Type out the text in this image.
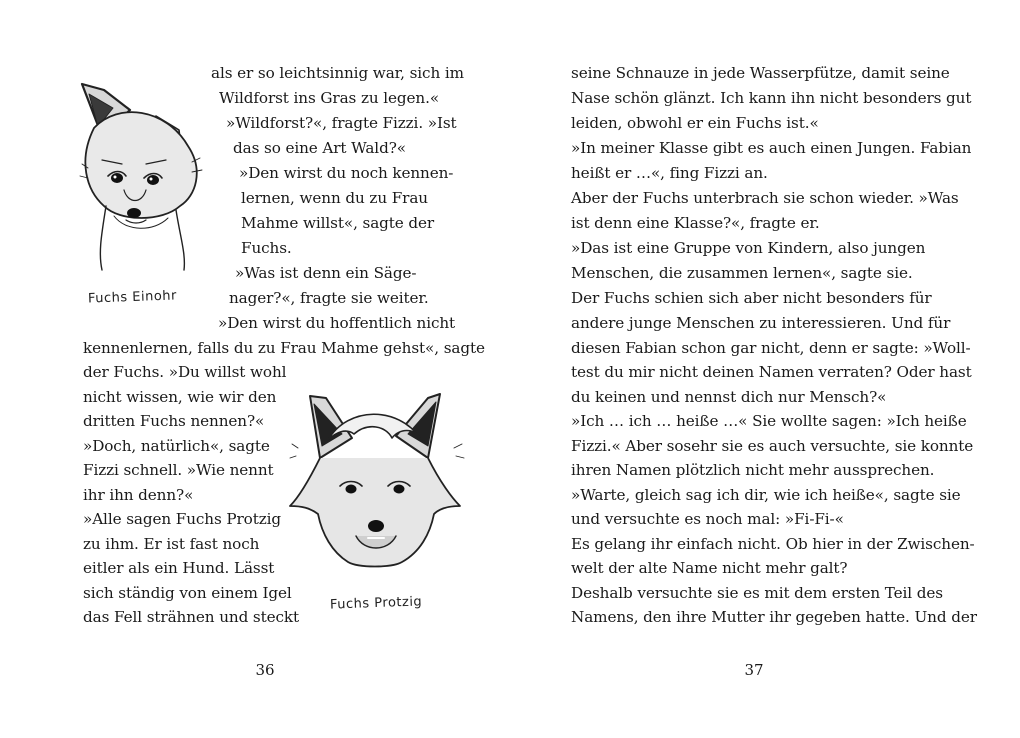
als er so leichtsinnig war, sich im
Wildforst ins Gras zu legen.«
»Wildforst?«, fragte Fizzi. »Ist
das so eine Art Wald?«
»Den wirst du noch kennen-
lernen, wenn du zu Frau
Mahme willst«, sagte der
Fuchs.
»Was ist denn ein Säge-
nager?«, fragte sie weiter.
»Den wirst du hoffentlich nicht
kennenlernen, falls du zu Frau Mahme gehst«, sagte
der Fuchs. »Du willst wohl
nicht wissen, wie wir den
dritten Fuchs nennen?«
»Doch, natürlich«, sagte
Fizzi schnell. »Wie nennt
ihr ihn denn?«
»Alle sagen Fuchs Protzig
zu ihm. Er ist fast noch
eitler als ein Hund. Lässt
sich ständig von einem Igel
das Fell strähnen und steckt
Fuchs Einohr
Fuchs Protzig
36
seine Schnauze in jede Wasserpfütze, damit seine
Nase schön glänzt. Ich kann ihn nicht besonders gut
leiden, obwohl er ein Fuchs ist.«
»In meiner Klasse gibt es auch einen Jungen. Fabian
heißt er …«, fing Fizzi an.
Aber der Fuchs unterbrach sie schon wieder. »Was
ist denn eine Klasse?«, fragte er.
»Das ist eine Gruppe von Kindern, also jungen
Menschen, die zusammen lernen«, sagte sie.
Der Fuchs schien sich aber nicht besonders für
andere junge Menschen zu interessieren. Und für
diesen Fabian schon gar nicht, denn er sagte: »Woll-
test du mir nicht deinen Namen verraten? Oder hast
du keinen und nennst dich nur Mensch?«
»Ich … ich … heiße …« Sie wollte sagen: »Ich heiße
Fizzi.« Aber sosehr sie es auch versuchte, sie konnte
ihren Namen plötzlich nicht mehr aussprechen.
»Warte, gleich sag ich dir, wie ich heiße«, sagte sie
und versuchte es noch mal: »Fi-Fi-«
Es gelang ihr einfach nicht. Ob hier in der Zwischen-
welt der alte Name nicht mehr galt?
Deshalb versuchte sie es mit dem ersten Teil des
Namens, den ihre Mutter ihr gegeben hatte. Und der
37
